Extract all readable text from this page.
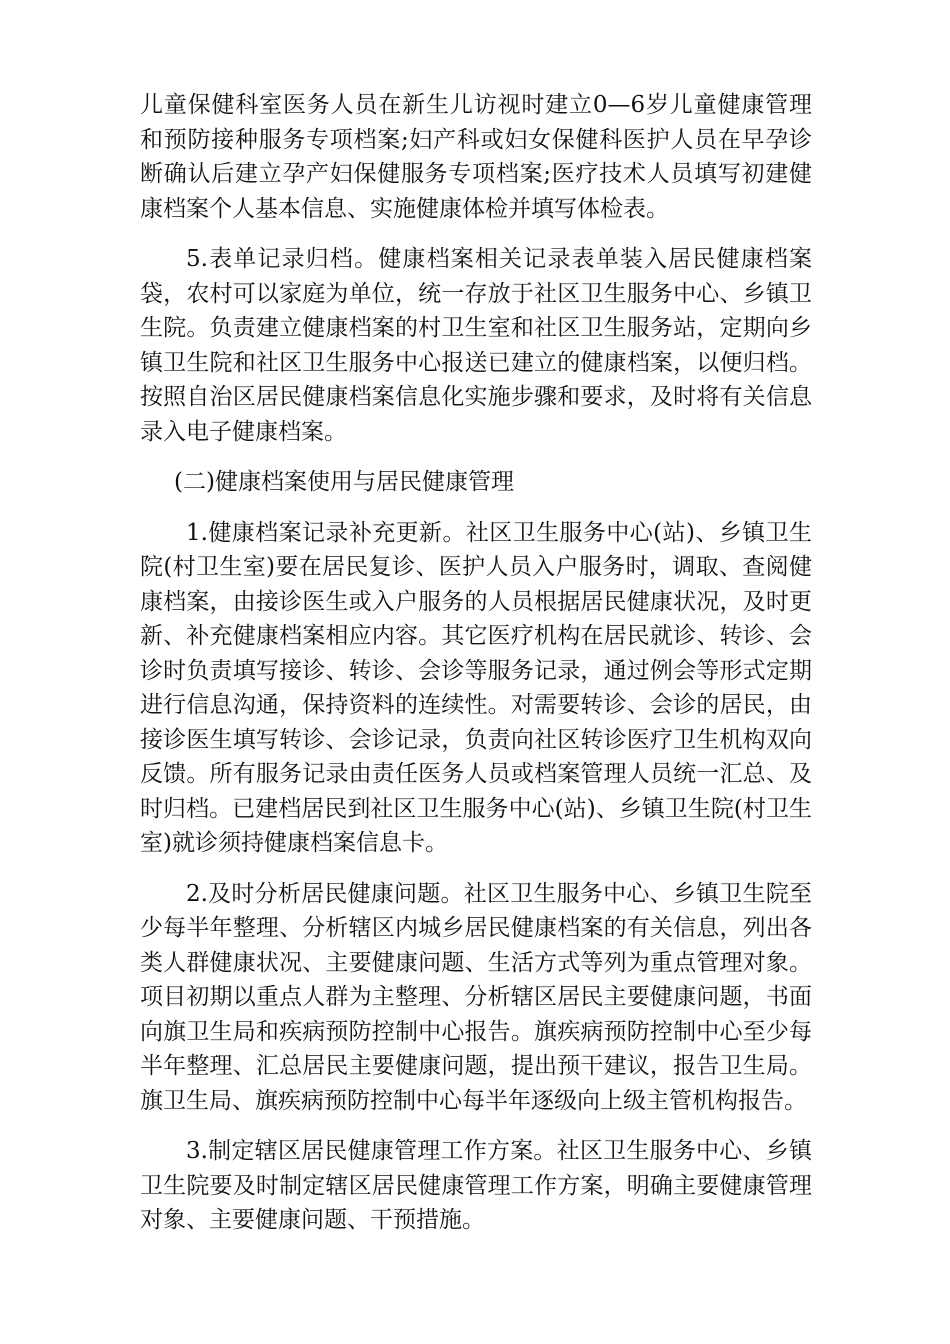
儿童保健科室医务人员在新生儿访视时建立0—6岁儿童健康管理和预防接种服务专项档案;妇产科或妇女保健科医护人员在早孕诊断确认后建立孕产妇保健服务专项档案;医疗技术人员填写初建健康档案个人基本信息、实施健康体检并填写体检表。

5.表单记录归档。健康档案相关记录表单装入居民健康档案袋，农村可以家庭为单位，统一存放于社区卫生服务中心、乡镇卫生院。负责建立健康档案的村卫生室和社区卫生服务站，定期向乡镇卫生院和社区卫生服务中心报送已建立的健康档案，以便归档。按照自治区居民健康档案信息化实施步骤和要求，及时将有关信息录入电子健康档案。

(二)健康档案使用与居民健康管理

1.健康档案记录补充更新。社区卫生服务中心(站)、乡镇卫生院(村卫生室)要在居民复诊、医护人员入户服务时，调取、查阅健康档案，由接诊医生或入户服务的人员根据居民健康状况，及时更新、补充健康档案相应内容。其它医疗机构在居民就诊、转诊、会诊时负责填写接诊、转诊、会诊等服务记录，通过例会等形式定期进行信息沟通，保持资料的连续性。对需要转诊、会诊的居民，由接诊医生填写转诊、会诊记录，负责向社区转诊医疗卫生机构双向反馈。所有服务记录由责任医务人员或档案管理人员统一汇总、及时归档。已建档居民到社区卫生服务中心(站)、乡镇卫生院(村卫生室)就诊须持健康档案信息卡。

2.及时分析居民健康问题。社区卫生服务中心、乡镇卫生院至少每半年整理、分析辖区内城乡居民健康档案的有关信息，列出各类人群健康状况、主要健康问题、生活方式等列为重点管理对象。项目初期以重点人群为主整理、分析辖区居民主要健康问题，书面向旗卫生局和疾病预防控制中心报告。旗疾病预防控制中心至少每半年整理、汇总居民主要健康问题，提出预干建议，报告卫生局。旗卫生局、旗疾病预防控制中心每半年逐级向上级主管机构报告。

3.制定辖区居民健康管理工作方案。社区卫生服务中心、乡镇卫生院要及时制定辖区居民健康管理工作方案，明确主要健康管理对象、主要健康问题、干预措施。
